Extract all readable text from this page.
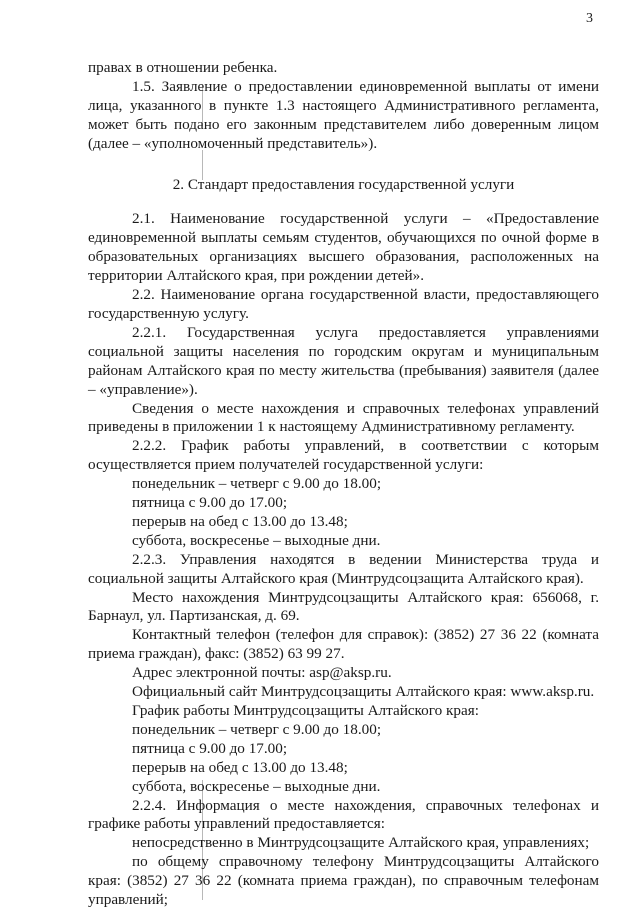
3
правах в отношении ребенка.
1.5. Заявление о предоставлении единовременной выплаты от имени лица, указанного в пункте 1.3 настоящего Административного регламента, может быть подано его законным представителем либо доверенным лицом (далее – «уполномоченный представитель»).
2. Стандарт предоставления государственной услуги
2.1. Наименование государственной услуги – «Предоставление единовременной выплаты семьям студентов, обучающихся по очной форме в образовательных организациях высшего образования, расположенных на территории Алтайского края, при рождении детей».
2.2. Наименование органа государственной власти, предоставляющего государственную услугу.
2.2.1. Государственная услуга предоставляется управлениями социальной защиты населения по городским округам и муниципальным районам Алтайского края по месту жительства (пребывания) заявителя (далее – «управление»).
Сведения о месте нахождения и справочных телефонах управлений приведены в приложении 1 к настоящему Административному регламенту.
2.2.2. График работы управлений, в соответствии с которым осуществляется прием получателей государственной услуги:
понедельник – четверг с 9.00 до 18.00;
пятница с 9.00 до 17.00;
перерыв на обед с 13.00 до 13.48;
суббота, воскресенье – выходные дни.
2.2.3. Управления находятся в ведении Министерства труда и социальной защиты Алтайского края (Минтрудсоцзащита Алтайского края).
Место нахождения Минтрудсоцзащиты Алтайского края: 656068, г. Барнаул, ул. Партизанская, д. 69.
Контактный телефон (телефон для справок): (3852) 27 36 22 (комната приема граждан), факс: (3852) 63 99 27.
Адрес электронной почты: asp@aksp.ru.
Официальный сайт Минтрудсоцзащиты Алтайского края: www.aksp.ru.
График работы Минтрудсоцзащиты Алтайского края:
понедельник – четверг с 9.00 до 18.00;
пятница с 9.00 до 17.00;
перерыв на обед с 13.00 до 13.48;
суббота, воскресенье – выходные дни.
2.2.4. Информация о месте нахождения, справочных телефонах и графике работы управлений предоставляется:
непосредственно в Минтрудсоцзащите Алтайского края, управлениях;
по общему справочному телефону Минтрудсоцзащиты Алтайского края: (3852) 27 36 22 (комната приема граждан), по справочным телефонам управлений;
